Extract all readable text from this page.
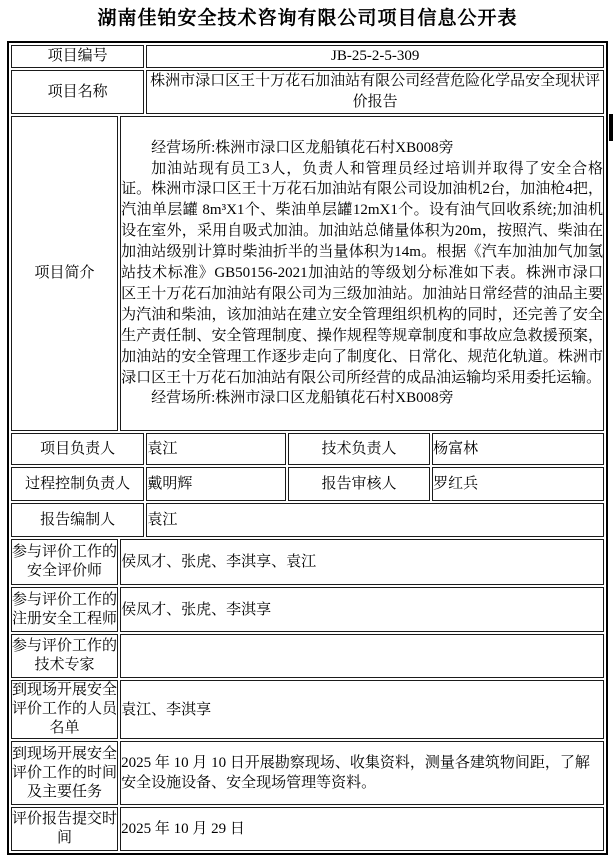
湖南佳铂安全技术咨询有限公司项目信息公开表
项目编号		JB-25-2-5-309		
项目名称		株洲市渌口区王十万花石加油站有限公司经营危险化学品安全现状评价报告		
项目简介	经营场所:株洲市渌口区龙船镇花石村XB008旁

加油站现有员工3人，负责人和管理员经过培训并取得了安全合格证。株洲市渌口区王十万花石加油站有限公司设加油机2台，加油枪4把，汽油单层罐 8m³X1个、柴油单层罐12mX1个。设有油气回收系统;加油机设在室外，采用自吸式加油。加油站总储量体积为20m，按照汽、柴油在加油站级别计算时柴油折半的当量体积为14m。根据《汽车加油加气加氢站技术标准》GB50156-2021加油站的等级划分标准如下表。株洲市渌口区王十万花石加油站有限公司为三级加油站。加油站日常经营的油品主要为汽油和柴油，该加油站在建立安全管理组织机构的同时，还完善了安全生产责任制、安全管理制度、操作规程等规章制度和事故应急救援预案，加油站的安全管理工作逐步走向了制度化、日常化、规范化轨道。株洲市渌口区王十万花石加油站有限公司所经营的成品油运输均采用委托运输。

经营场所:株洲市渌口区龙船镇花石村XB008旁			

项目负责人		袁江	技术负责人	杨富林
过程控制负责人		戴明辉	报告审核人	罗红兵
报告编制人		袁江		
参与评价工作的安全评价师	侯凤才、张虎、李淇享、袁江			
参与评价工作的注册安全工程师	侯凤才、张虎、李淇享			
参与评价工作的技术专家				
到现场开展安全评价工作的人员名单	袁江、李淇享			
到现场开展安全评价工作的时间及主要任务	2025 年 10 月 10 日开展勘察现场、收集资料，测量各建筑物间距，了解安全设施设备、安全现场管理等资料。			
评价报告提交时间	2025 年 10 月 29 日			
